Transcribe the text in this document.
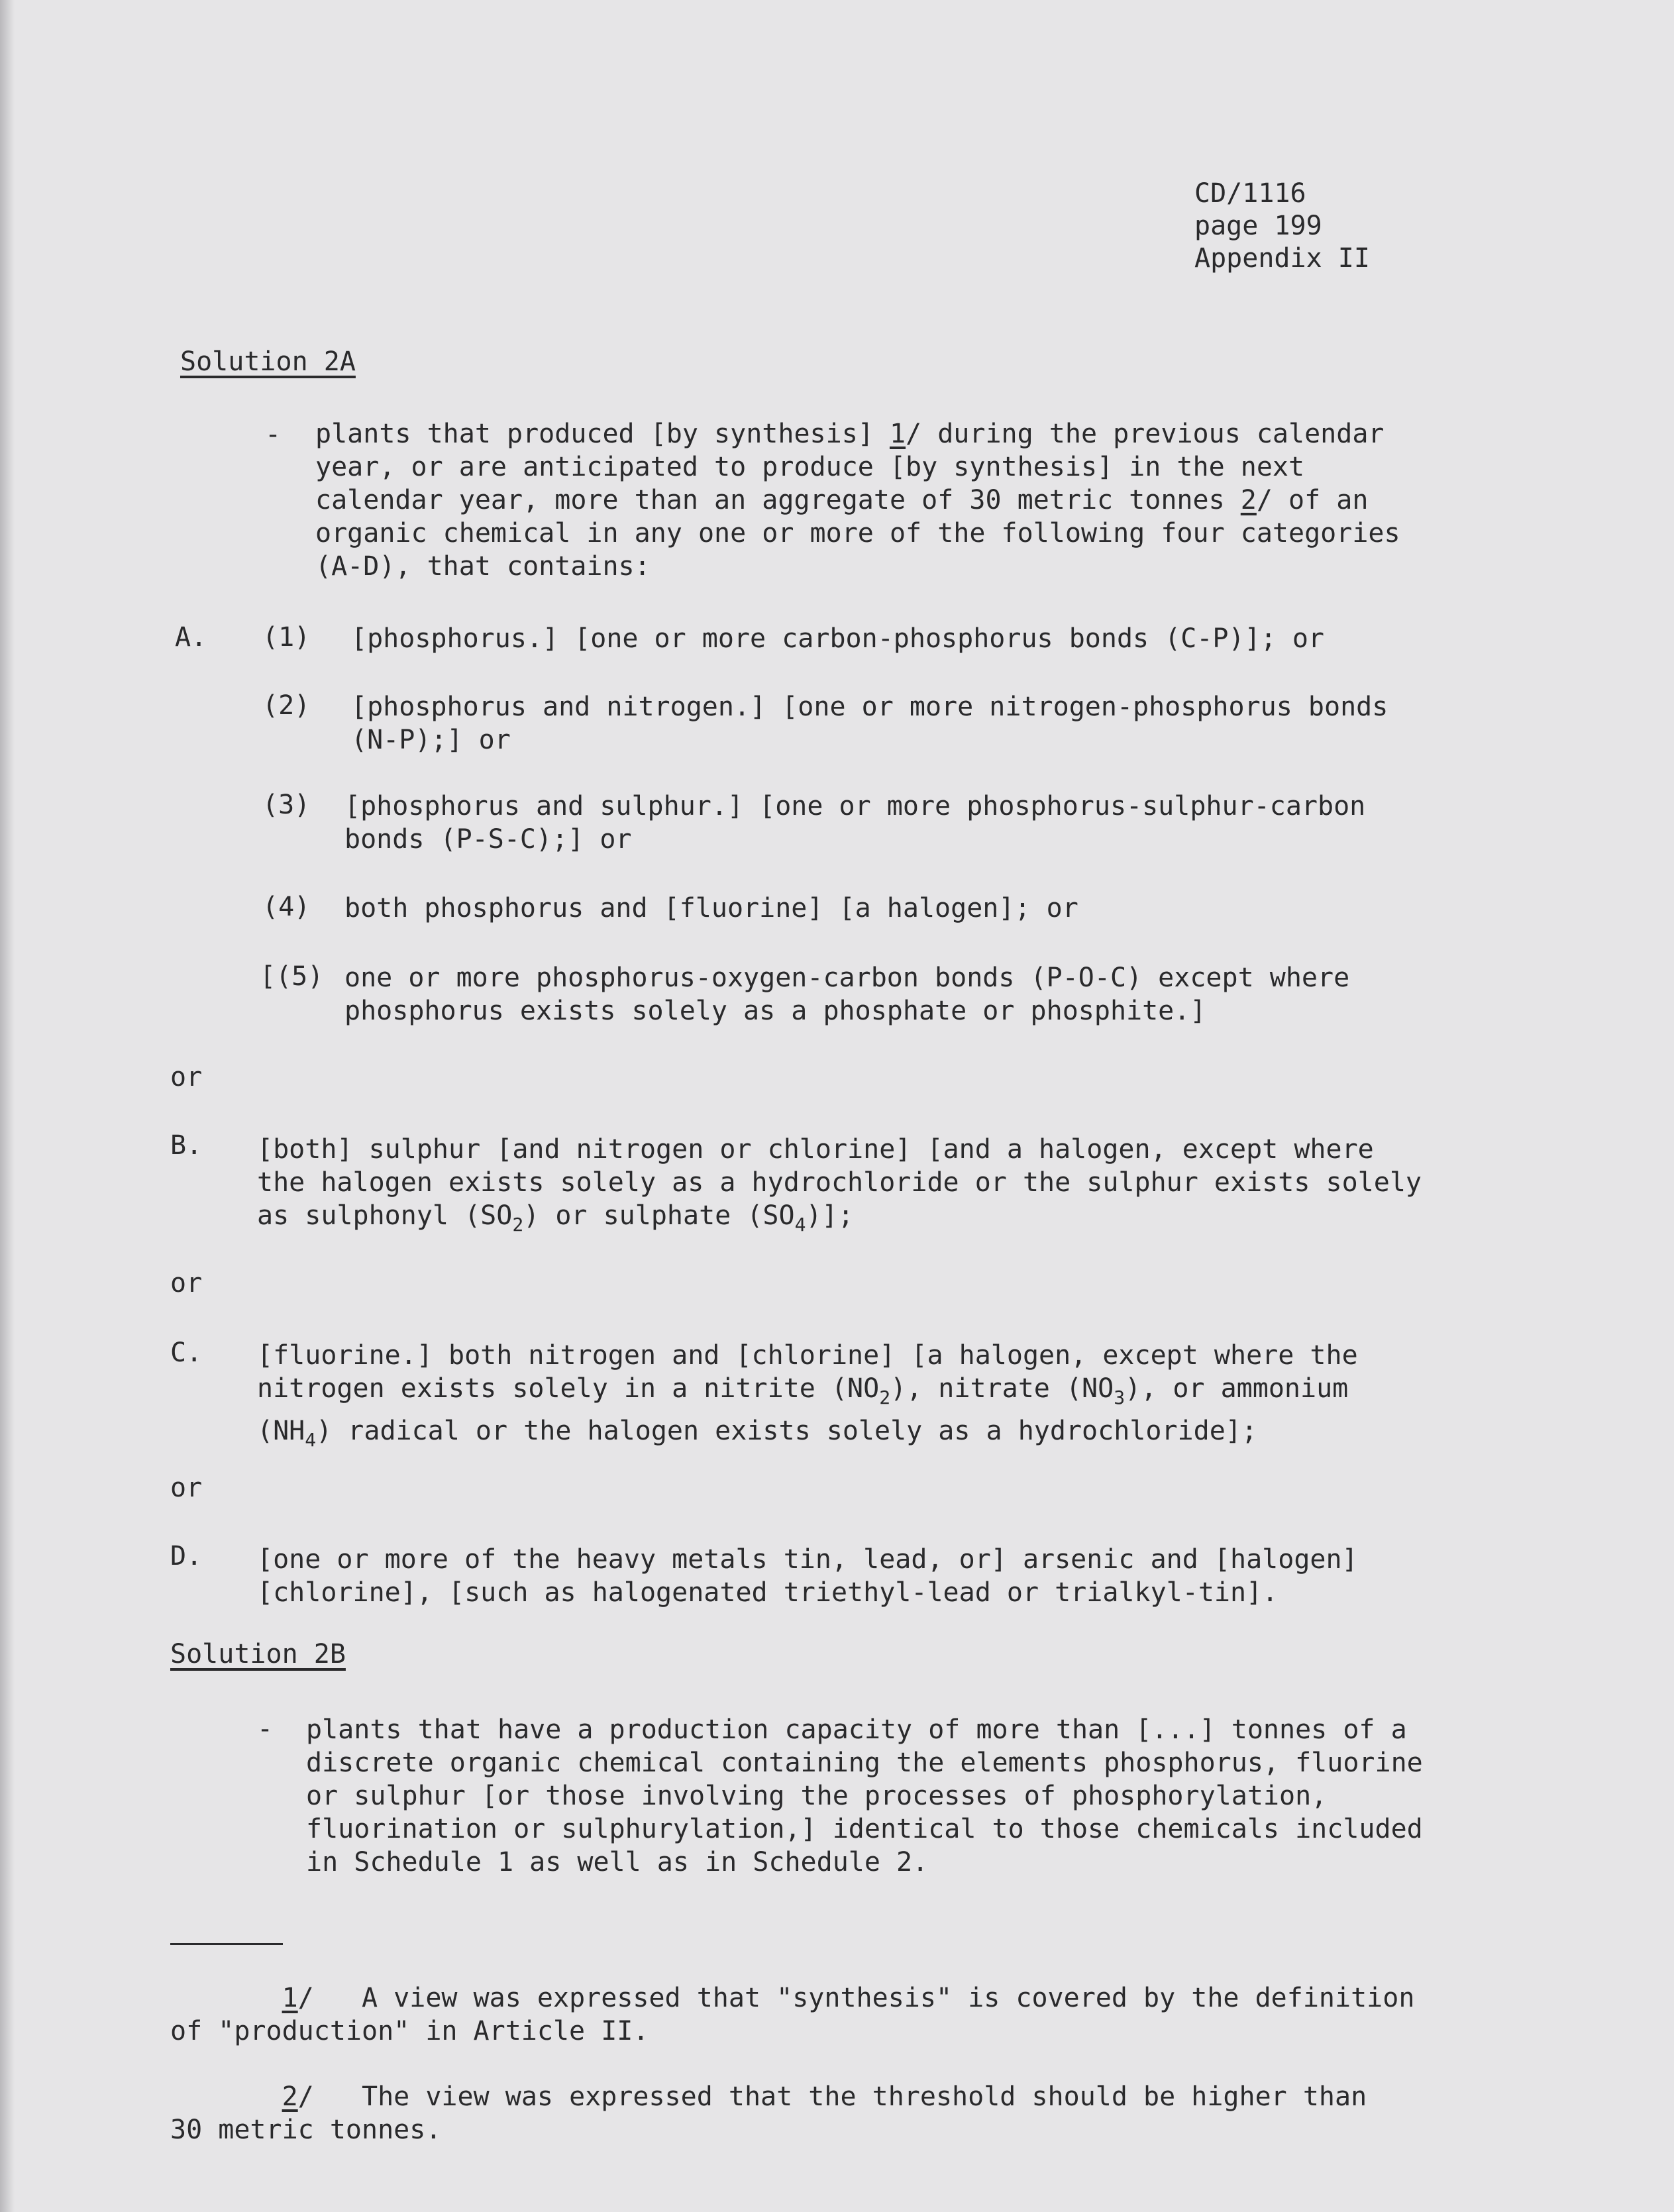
CD/1116
page 199
Appendix II
Solution 2A
- plants that produced [by synthesis] 1/ during the previous calendar
year, or are anticipated to produce [by synthesis] in the next
calendar year, more than an aggregate of 30 metric tonnes 2/ of an
organic chemical in any one or more of the following four categories
(A-D), that contains:
A. (1) [phosphorus.] [one or more carbon-phosphorus bonds (C-P)]; or
(2) [phosphorus and nitrogen.] [one or more nitrogen-phosphorus bonds
(N-P);] or
(3) [phosphorus and sulphur.] [one or more phosphorus-sulphur-carbon
bonds (P-S-C);] or
(4) both phosphorus and [fluorine] [a halogen]; or
[(5) one or more phosphorus-oxygen-carbon bonds (P-O-C) except where
phosphorus exists solely as a phosphate or phosphite.]
or
B. [both] sulphur [and nitrogen or chlorine] [and a halogen, except where
the halogen exists solely as a hydrochloride or the sulphur exists solely
as sulphonyl $(SO_2)$ or sulphate $(SO_4)$];
or
C. [fluorine.] both nitrogen and [chlorine] [a halogen, except where the
nitrogen exists solely in a nitrite $(NO_2)$, nitrate $(NO_3)$, or ammonium
$(NH_4)$ radical or the halogen exists solely as a hydrochloride];
or
D. [one or more of the heavy metals tin, lead, or] arsenic and [halogen]
[chlorine], [such as halogenated triethyl-lead or trialkyl-tin].
Solution 2B
- plants that have a production capacity of more than [...] tonnes of a
discrete organic chemical containing the elements phosphorus, fluorine
or sulphur [or those involving the processes of phosphorylation,
fluorination or sulphurylation,] identical to those chemicals included
in Schedule 1 as well as in Schedule 2.
1/   A view was expressed that "synthesis" is covered by the definition
of "production" in Article II.
2/   The view was expressed that the threshold should be higher than
30 metric tonnes.
